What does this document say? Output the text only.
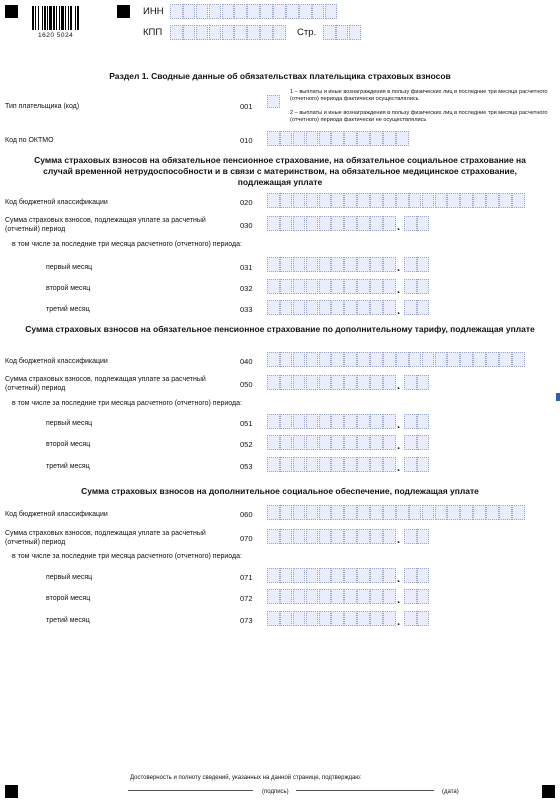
1620 5024
ИНН
КПП	Стр.
Раздел 1. Сводные данные об обязательствах плательщика страховых взносов
Тип плательщика (код)	001
1 – выплаты и иные вознаграждения в пользу физических лиц в последние три месяца расчетного (отчетного) периода фактически осуществлялись
2 – выплаты и иные вознаграждения в пользу физических лиц в последние три месяца расчетного (отчетного) периода фактически не осуществлялись
Код по ОКТМО	010
Сумма страховых взносов на обязательное пенсионное страхование, на обязательное социальное страхование на случай временной нетрудоспособности и в связи с материнством, на обязательное медицинское страхование, подлежащая уплате
Код бюджетной классификации	020
Сумма страховых взносов, подлежащая уплате за расчетный (отчетный) период	030	.
в том числе за последние три месяца расчетного (отчетного) периода:
первый месяц	031	.
второй месяц	032	.
третий месяц	033	.
Сумма страховых взносов на обязательное пенсионное страхование по дополнительному тарифу, подлежащая уплате
Код бюджетной классификации	040
Сумма страховых взносов, подлежащая уплате за расчетный (отчетный) период	050	.
в том числе за последние три месяца расчетного (отчетного) периода:
первый месяц	051	.
второй месяц	052	.
третий месяц	053	.
Сумма страховых взносов на дополнительное социальное обеспечение, подлежащая уплате
Код бюджетной классификации	060
Сумма страховых взносов, подлежащая уплате за расчетный (отчетный) период	070	.
в том числе за последние три месяца расчетного (отчетного) периода:
первый месяц	071	.
второй месяц	072	.
третий месяц	073	.
Достоверность и полноту сведений, указанных на данной странице, подтверждаю:
(подпись)	(дата)
